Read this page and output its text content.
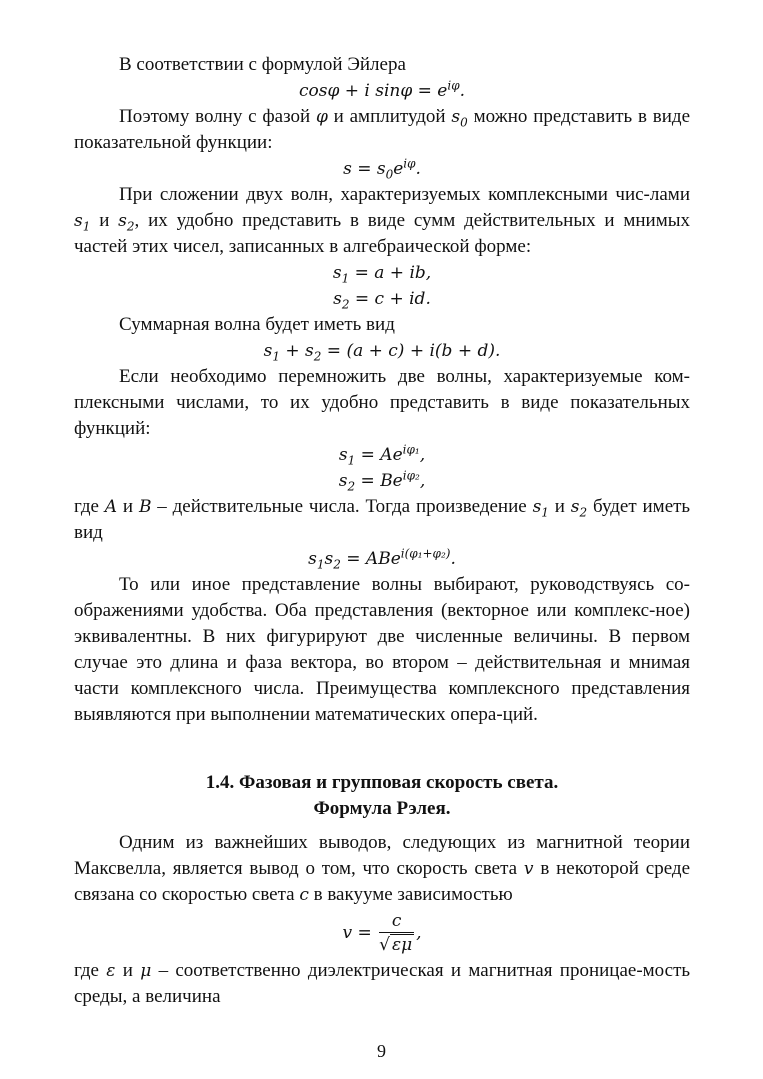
В соответствии с формулой Эйлера

cosφ + i $\sin\varphi = e^{i\varphi}$.

Поэтому волну с фазой φ и амплитудой $s_0$ можно представить в виде показательной функции:

$s = s_0e^{i\varphi}$.

При сложении двух волн, характеризуемых комплексными чис-лами $s_1$ и $s_2$, их удобно представить в виде сумм действительных и мнимых частей этих чисел, записанных в алгебраической форме:

$s_1 = a$ + ib,

$s_2 = c$ + id.

Суммарная волна будет иметь вид

$s_1 + s_2 = (a + c) + i(b + d)$.

Если необходимо перемножить две волны, характеризуемые ком-плексными числами, то их удобно представить в виде показательных функций:

$s_1 = Ae^{i\varphi_1}$,

$s_2 = Be^{i\varphi_2}$,

где A и B – действительные числа. Тогда произведение $s_1$ и $s_2$ будет иметь вид

$s_1s_2 = ABe^{i(\varphi_1+\varphi_2)}$.

То или иное представление волны выбирают, руководствуясь со-ображениями удобства. Оба представления (векторное или комплекс-ное) эквивалентны. В них фигурируют две численные величины. В первом случае это длина и фаза вектора, во втором – действительная и мнимая части комплексного числа. Преимущества комплексного представления выявляются при выполнении математических опера-ций.

1.4. Фазовая и групповая скорость света.

Формула Рэлея.

Одним из важнейших выводов, следующих из магнитной теории Максвелла, является вывод о том, что скорость света v в некоторой среде связана со скоростью света c в вакууме зависимостью

$v = \frac{c}{√ \varepsilon\mu}$ ,

где ε и μ – соответственно диэлектрическая и магнитная проницае-мость среды, а величина

9
